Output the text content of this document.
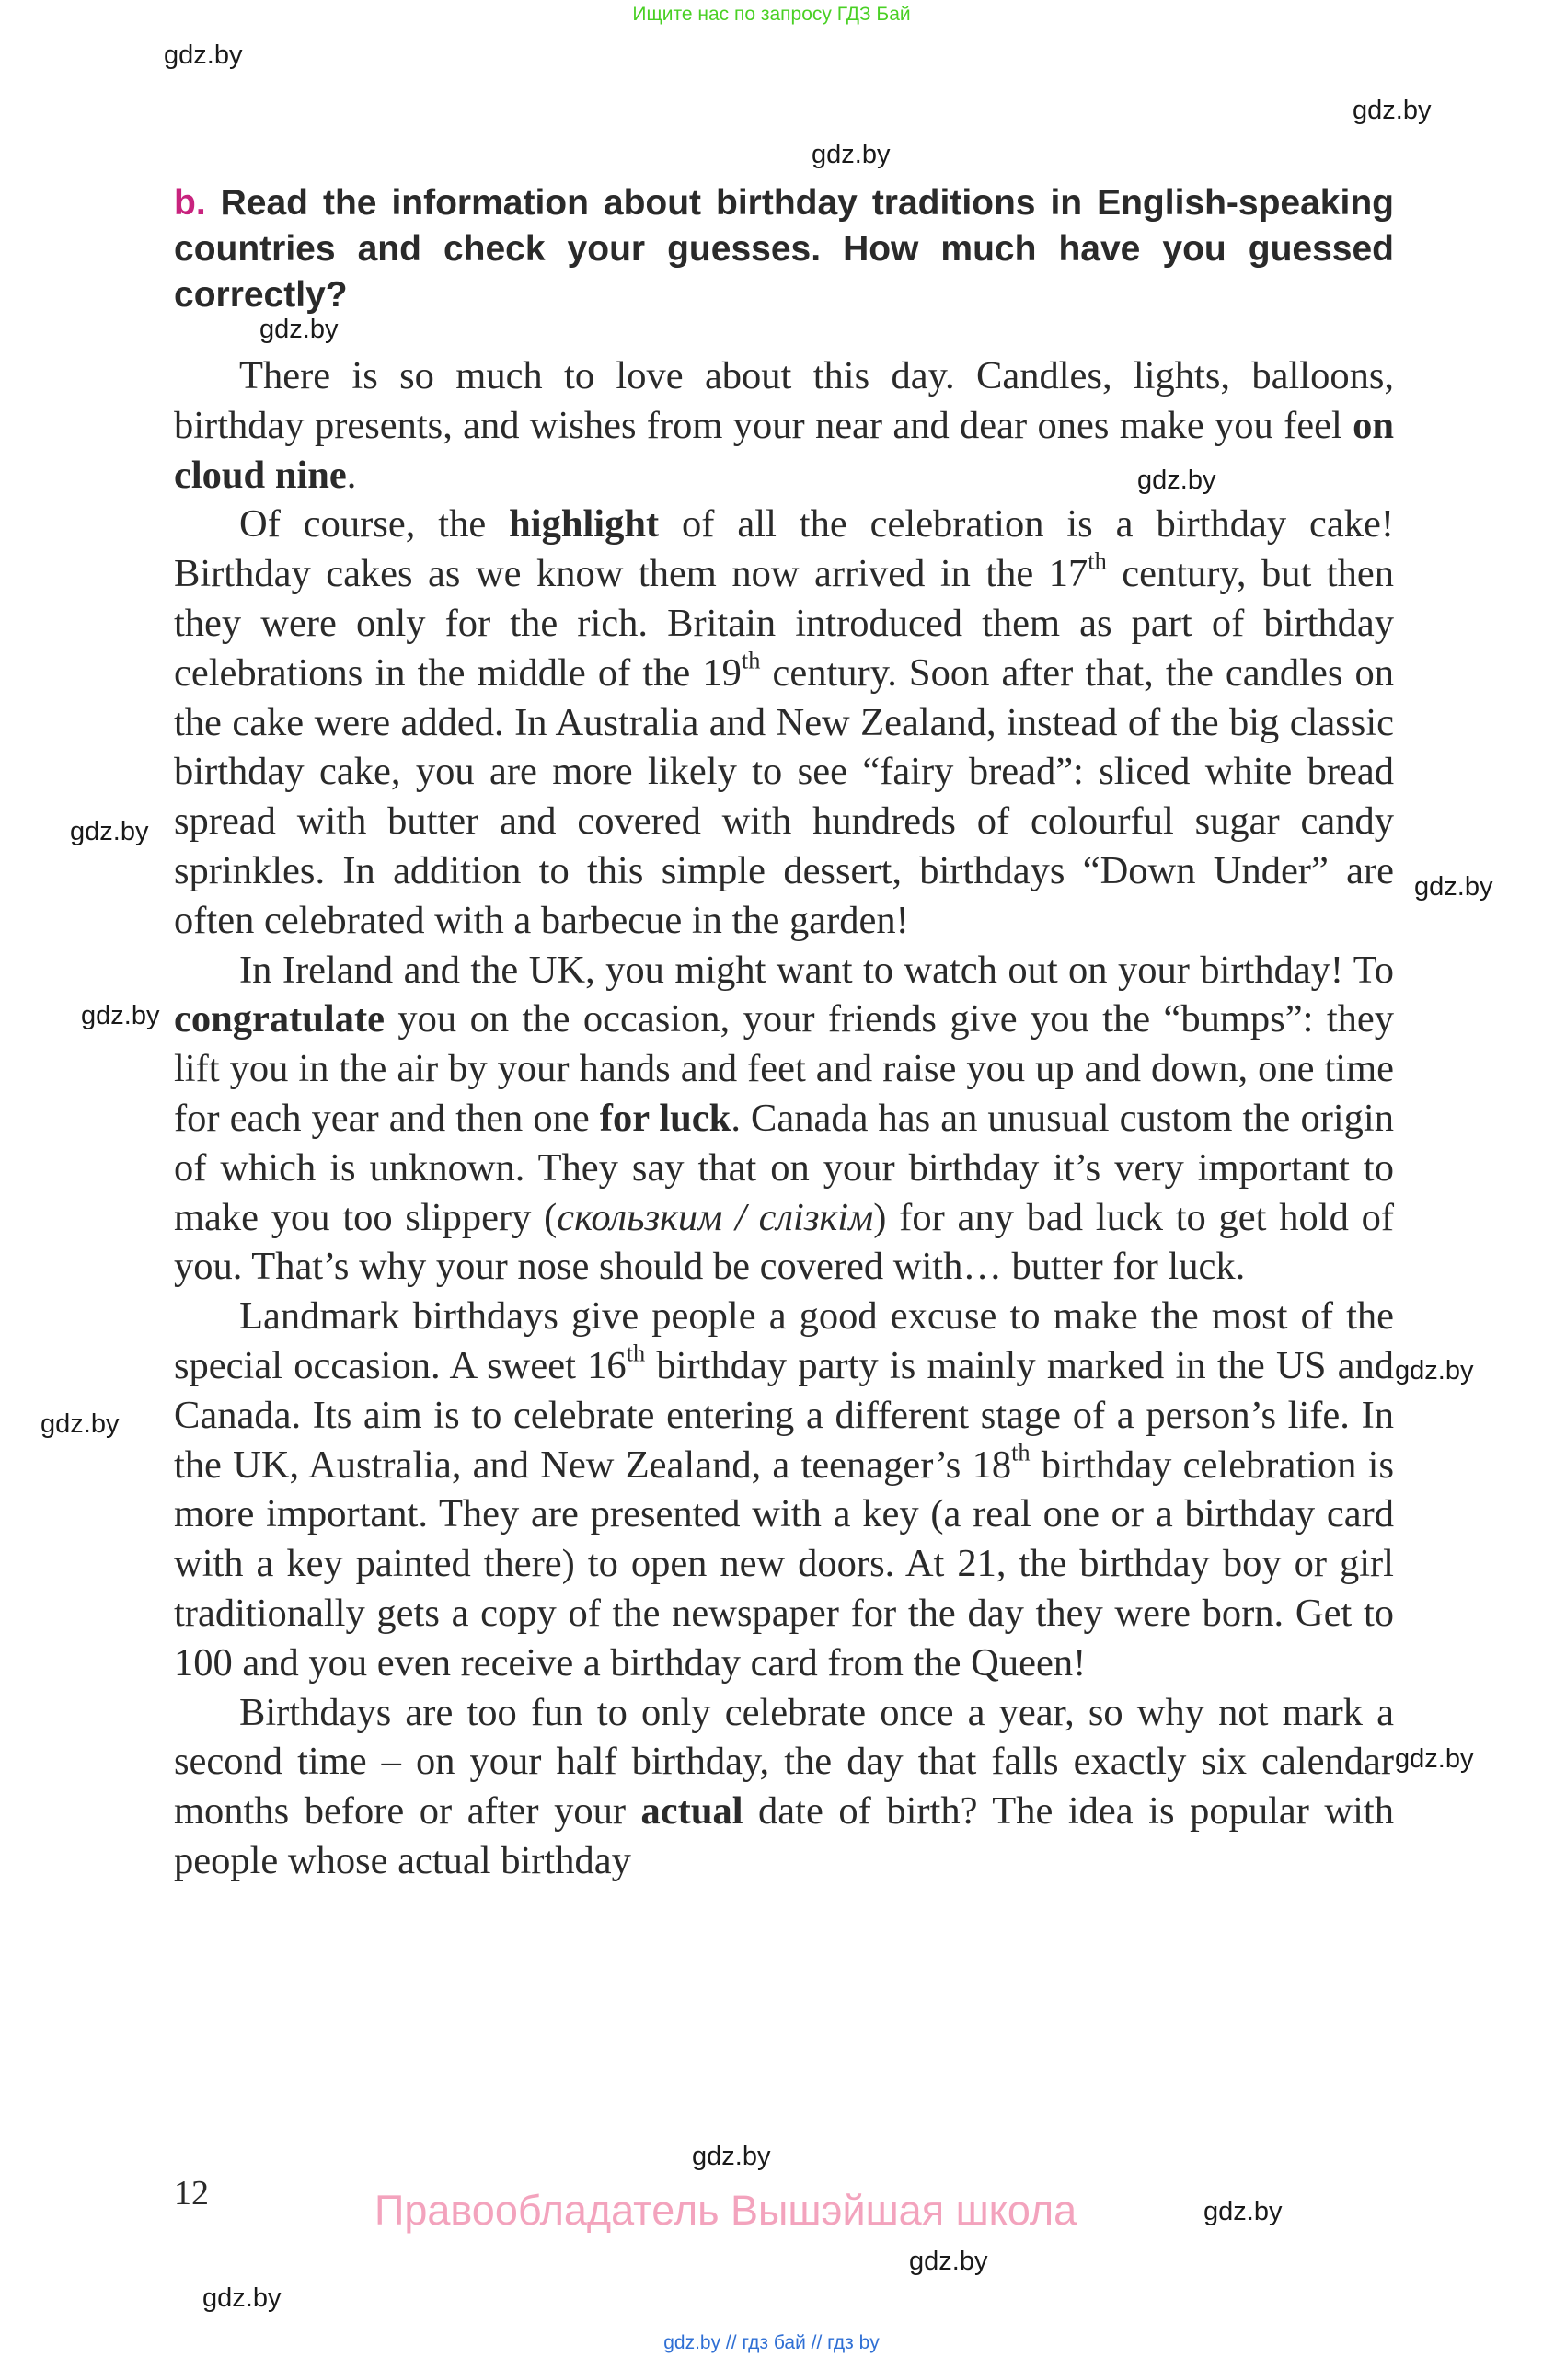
Ищите нас по запросу ГДЗ Бай
gdz.by
gdz.by
gdz.by
gdz.by
gdz.by
gdz.by
gdz.by
gdz.by
gdz.by
gdz.by
gdz.by
gdz.by
gdz.by
gdz.by
gdz.by
b. Read the information about birthday traditions in English-speaking countries and check your guesses. How much have you guessed correctly?

There is so much to love about this day. Candles, lights, balloons, birthday presents, and wishes from your near and dear ones make you feel on cloud nine.

Of course, the highlight of all the celebration is a birthday cake! Birthday cakes as we know them now arrived in the 17th century, but then they were only for the rich. Britain introduced them as part of birthday celebrations in the middle of the 19th century. Soon after that, the candles on the cake were added. In Australia and New Zealand, instead of the big classic birthday cake, you are more likely to see “fairy bread”: sliced white bread spread with butter and covered with hundreds of colourful sugar candy sprinkles. In addition to this simple dessert, birthdays “Down Under” are often celebrated with a barbecue in the garden!

In Ireland and the UK, you might want to watch out on your birthday! To congratulate you on the occasion, your friends give you the “bumps”: they lift you in the air by your hands and feet and raise you up and down, one time for each year and then one for luck. Canada has an unusual custom the origin of which is unknown. They say that on your birthday it’s very important to make you too slippery (скользким / слізкім) for any bad luck to get hold of you. That’s why your nose should be covered with… butter for luck.

Landmark birthdays give people a good excuse to make the most of the special occasion. A sweet 16th birthday party is mainly marked in the US and Canada. Its aim is to celebrate entering a different stage of a person’s life. In the UK, Australia, and New Zealand, a teenager’s 18th birthday celebration is more important. They are presented with a key (a real one or a birthday card with a key painted there) to open new doors. At 21, the birthday boy or girl traditionally gets a copy of the newspaper for the day they were born. Get to 100 and you even receive a birthday card from the Queen!

Birthdays are too fun to only celebrate once a year, so why not mark a second time – on your half birthday, the day that falls exactly six calendar months before or after your actual date of birth? The idea is popular with people whose actual birthday

12	Правообладатель Вышэйшая школа
gdz.by // гдз бай // гдз by
